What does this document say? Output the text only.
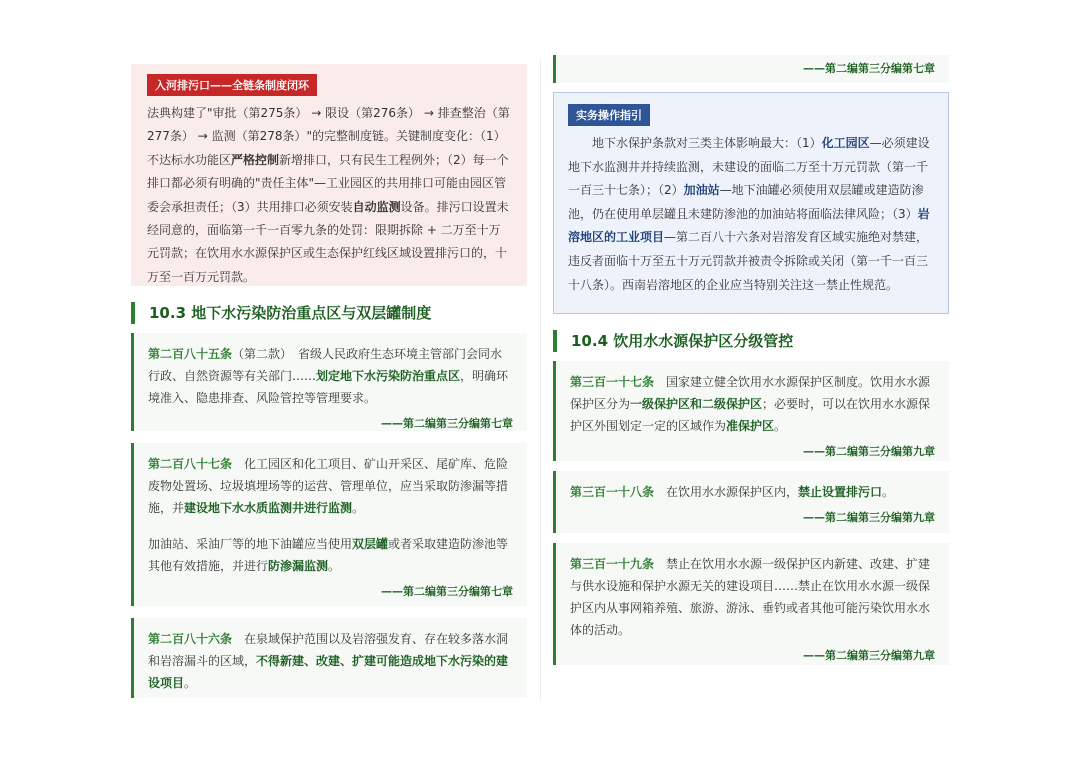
入河排污口——全链条制度闭环
法典构建了"审批（第275条） → 限设（第276条） → 排查整治（第277条） → 监测（第278条）"的完整制度链。关键制度变化：（1）不达标水功能区严格控制新增排口，只有民生工程例外；（2）每一个排口都必须有明确的"责任主体"—工业园区的共用排口可能由园区管委会承担责任；（3）共用排口必须安装自动监测设备。排污口设置未经同意的，面临第一千一百零九条的处罚：限期拆除 + 二万至十万元罚款；在饮用水水源保护区或生态保护红线区域设置排污口的，十万至一百万元罚款。
10.3 地下水污染防治重点区与双层罐制度
第二百八十五条（第二款）　省级人民政府生态环境主管部门会同水行政、自然资源等有关部门……划定地下水污染防治重点区，明确环境准入、隐患排查、风险管控等管理要求。
——第二编第三分编第七章
第二百八十七条　化工园区和化工项目、矿山开采区、尾矿库、危险废物处置场、垃圾填埋场等的运营、管理单位，应当采取防渗漏等措施，并建设地下水水质监测井进行监测。
加油站、采油厂等的地下油罐应当使用双层罐或者采取建造防渗池等其他有效措施，并进行防渗漏监测。
——第二编第三分编第七章
第二百八十六条　在泉域保护范围以及岩溶强发育、存在较多落水洞和岩溶漏斗的区域，不得新建、改建、扩建可能造成地下水污染的建设项目。
——第二编第三分编第七章
实务操作指引
　　地下水保护条款对三类主体影响最大：（1）化工园区—必须建设地下水监测井并持续监测，未建设的面临二万至十万元罚款（第一千一百三十七条）；（2）加油站—地下油罐必须使用双层罐或建造防渗池，仍在使用单层罐且未建防渗池的加油站将面临法律风险；（3）岩溶地区的工业项目—第二百八十六条对岩溶发育区域实施绝对禁建，违反者面临十万至五十万元罚款并被责令拆除或关闭（第一千一百三十八条）。西南岩溶地区的企业应当特别关注这一禁止性规范。
10.4 饮用水水源保护区分级管控
第三百一十七条　国家建立健全饮用水水源保护区制度。饮用水水源保护区分为一级保护区和二级保护区；必要时，可以在饮用水水源保护区外围划定一定的区域作为准保护区。
——第二编第三分编第九章
第三百一十八条　在饮用水水源保护区内，禁止设置排污口。
——第二编第三分编第九章
第三百一十九条　禁止在饮用水水源一级保护区内新建、改建、扩建与供水设施和保护水源无关的建设项目……禁止在饮用水水源一级保护区内从事网箱养殖、旅游、游泳、垂钓或者其他可能污染饮用水水体的活动。
——第二编第三分编第九章
